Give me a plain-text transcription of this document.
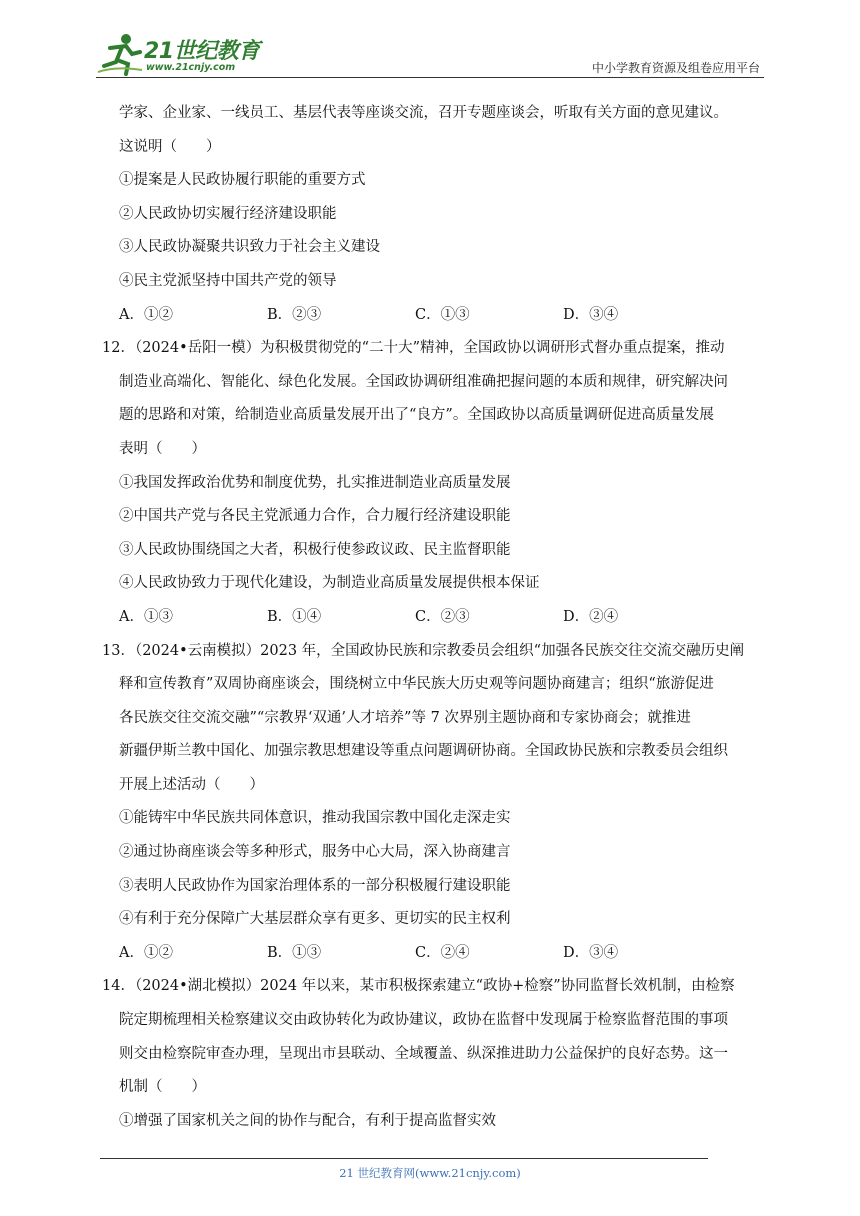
21世纪教育
www.21cnjy.com	中小学教育资源及组卷应用平台
学家、企业家、一线员工、基层代表等座谈交流，召开专题座谈会，听取有关方面的意见建议。
这说明（　　）
①提案是人民政协履行职能的重要方式
②人民政协切实履行经济建设职能
③人民政协凝聚共识致力于社会主义建设
④民主党派坚持中国共产党的领导
A．①②	B．②③	C．①③	D．③④
12．（2024•岳阳一模）为积极贯彻党的“二十大”精神，全国政协以调研形式督办重点提案，推动
制造业高端化、智能化、绿色化发展。全国政协调研组准确把握问题的本质和规律，研究解决问
题的思路和对策，给制造业高质量发展开出了“良方”。全国政协以高质量调研促进高质量发展
表明（　　）
①我国发挥政治优势和制度优势，扎实推进制造业高质量发展
②中国共产党与各民主党派通力合作，合力履行经济建设职能
③人民政协围绕国之大者，积极行使参政议政、民主监督职能
④人民政协致力于现代化建设，为制造业高质量发展提供根本保证
A．①③	B．①④	C．②③	D．②④
13．（2024•云南模拟）2023 年，全国政协民族和宗教委员会组织“加强各民族交往交流交融历史阐
释和宣传教育”双周协商座谈会，围绕树立中华民族大历史观等问题协商建言；组织“旅游促进
各民族交往交流交融”“宗教界‘双通’人才培养”等 7 次界别主题协商和专家协商会；就推进
新疆伊斯兰教中国化、加强宗教思想建设等重点问题调研协商。全国政协民族和宗教委员会组织
开展上述活动（　　）
①能铸牢中华民族共同体意识，推动我国宗教中国化走深走实
②通过协商座谈会等多种形式，服务中心大局，深入协商建言
③表明人民政协作为国家治理体系的一部分积极履行建设职能
④有利于充分保障广大基层群众享有更多、更切实的民主权利
A．①②	B．①③	C．②④	D．③④
14．（2024•湖北模拟）2024 年以来，某市积极探索建立“政协+检察”协同监督长效机制，由检察
院定期梳理相关检察建议交由政协转化为政协建议，政协在监督中发现属于检察监督范围的事项
则交由检察院审查办理，呈现出市县联动、全域覆盖、纵深推进助力公益保护的良好态势。这一
机制（　　）
①增强了国家机关之间的协作与配合，有利于提高监督实效
21 世纪教育网(www.21cnjy.com)
